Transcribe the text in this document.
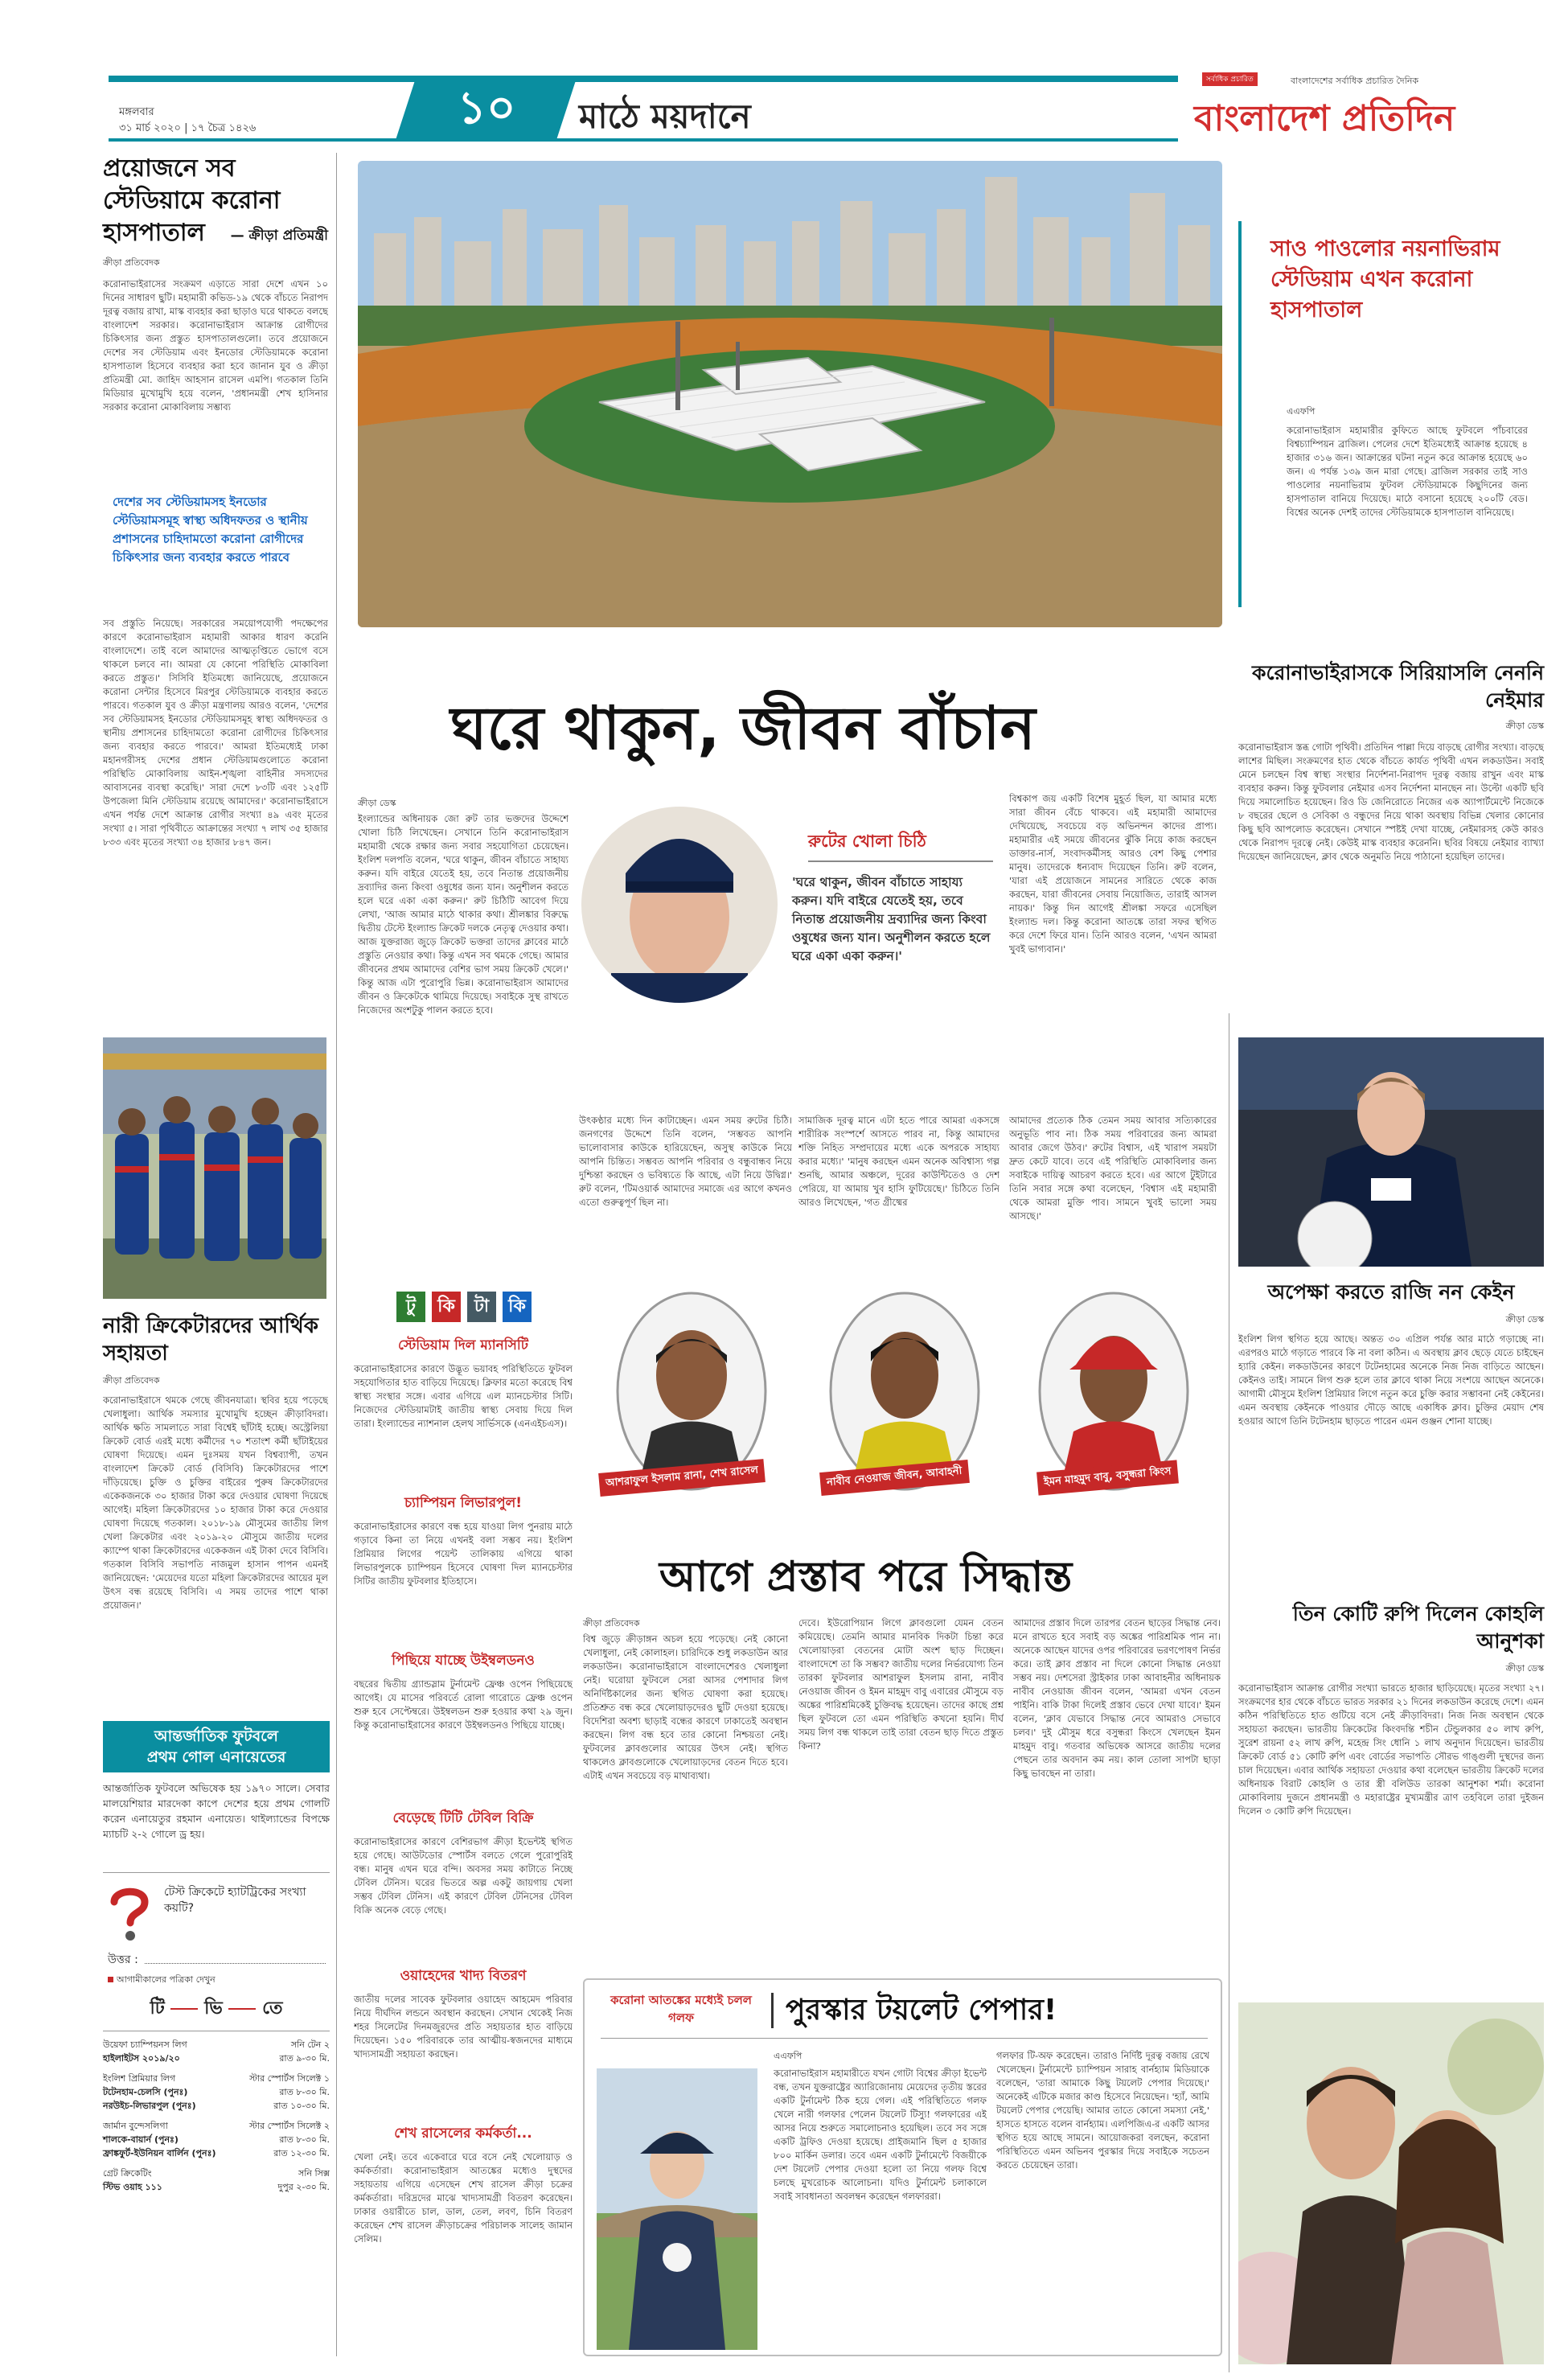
মঙ্গলবার
৩১ মার্চ ২০২০ | ১৭ চৈত্র ১৪২৬	১০	মাঠে ময়দানে
বাংলাদেশের সর্বাধিক প্রচারিত দৈনিক
সর্বাধিক প্রচারিত
বাংলাদেশ প্রতিদিন
প্রয়োজনে সব স্টেডিয়ামে করোনা হাসপাতাল	— ক্রীড়া প্রতিমন্ত্রী
ক্রীড়া প্রতিবেদক
করোনাভাইরাসের সংক্রমণ এড়াতে সারা দেশে এখন ১০ দিনের সাধারণ ছুটি। মহামারী কভিড-১৯ থেকে বাঁচতে নিরাপদ দূরত্ব বজায় রাখা, মাস্ক ব্যবহার করা ছাড়াও ঘরে থাকতে বলছে বাংলাদেশ সরকার। করোনাভাইরাস আক্রান্ত রোগীদের চিকিৎসার জন্য প্রস্তুত হাসপাতালগুলো। তবে প্রয়োজনে দেশের সব স্টেডিয়াম এবং ইনডোর স্টেডিয়ামকে করোনা হাসপাতাল হিসেবে ব্যবহার করা হবে জানান যুব ও ক্রীড়া প্রতিমন্ত্রী মো. জাহিদ আহসান রাসেল এমপি। গতকাল তিনি মিডিয়ার মুখোমুখি হয়ে বলেন, 'প্রধানমন্ত্রী শেখ হাসিনার সরকার করোনা মোকাবিলায় সম্ভাব্য
দেশের সব স্টেডিয়ামসহ ইনডোর স্টেডিয়ামসমূহ স্বাস্থ্য অধিদফতর ও স্থানীয় প্রশাসনের চাহিদামতো করোনা রোগীদের চিকিৎসার জন্য ব্যবহার করতে পারবে
সব প্রস্তুতি নিয়েছে। সরকারের সময়োপযোগী পদক্ষেপের কারণে করোনাভাইরাস মহামারী আকার ধারণ করেনি বাংলাদেশে। তাই বলে আমাদের আত্মতৃপ্তিতে ভোগে বসে থাকলে চলবে না। আমরা যে কোনো পরিস্থিতি মোকাবিলা করতে প্রস্তুত।' সিসিবি ইতিমধ্যে জানিয়েছে, প্রয়োজনে করোনা সেন্টার হিসেবে মিরপুর স্টেডিয়ামকে ব্যবহার করতে পারবে। গতকাল যুব ও ক্রীড়া মন্ত্রণালয় আরও বলেন, 'দেশের সব স্টেডিয়ামসহ ইনডোর স্টেডিয়ামসমূহ স্বাস্থ্য অধিদফতর ও স্থানীয় প্রশাসনের চাহিদামতো করোনা রোগীদের চিকিৎসার জন্য ব্যবহার করতে পারবে।' আমরা ইতিমধ্যেই ঢাকা মহানগরীসহ দেশের প্রধান স্টেডিয়ামগুলোতে করোনা পরিস্থিতি মোকাবিলায় আইন-শৃঙ্খলা বাহিনীর সদস্যদের আবাসনের ব্যবস্থা করেছি।' সারা দেশে ৮৩টি এবং ১২৫টি উপজেলা মিনি স্টেডিয়াম রয়েছে আমাদের।' করোনাভাইরাসে এখন পর্যন্ত দেশে আক্রান্ত রোগীর সংখ্যা ৪৯ এবং মৃতের সংখ্যা ৫। সারা পৃথিবীতে আক্রান্তের সংখ্যা ৭ লাখ ৩৫ হাজার ৮৩৩ এবং মৃতের সংখ্যা ৩৪ হাজার ৮৪৭ জন।
নারী ক্রিকেটারদের আর্থিক সহায়তা
ক্রীড়া প্রতিবেদক
করোনাভাইরাসে থমকে গেছে জীবনযাত্রা। স্থবির হয়ে পড়েছে খেলাধুলা। আর্থিক সমস্যার মুখোমুখি হচ্ছেন ক্রীড়াবিদরা। আর্থিক ক্ষতি সামলাতে সারা বিশ্বেই ছাঁটাই হচ্ছে। অস্ট্রেলিয়া ক্রিকেট বোর্ড এরই মধ্যে কর্মীদের ৭০ শতাংশ কর্মী ছাঁটাইয়ের ঘোষণা দিয়েছে। এমন দুঃসময় যখন বিশ্বব্যাপী, তখন বাংলাদেশ ক্রিকেট বোর্ড (বিসিবি) ক্রিকেটারদের পাশে দাঁড়িয়েছে। চুক্তি ও চুক্তির বাইরের পুরুষ ক্রিকেটারদের একেকজনকে ৩০ হাজার টাকা করে দেওয়ার ঘোষণা দিয়েছে আগেই। মহিলা ক্রিকেটারদের ১০ হাজার টাকা করে দেওয়ার ঘোষণা দিয়েছে গতকাল। ২০১৮-১৯ মৌসুমের জাতীয় লিগ খেলা ক্রিকেটার এবং ২০১৯-২০ মৌসুমে জাতীয় দলের ক্যাম্পে থাকা ক্রিকেটারদের একেকজন এই টাকা দেবে বিসিবি। গতকাল বিসিবি সভাপতি নাজমুল হাসান পাপন এমনই জানিয়েছেন: 'মেয়েদের যতো মহিলা ক্রিকেটারদের আয়ের মূল উৎস বন্ধ রয়েছে বিসিবি। এ সময় তাদের পাশে থাকা প্রয়োজন।'
আন্তর্জাতিক ফুটবলে
প্রথম গোল এনায়েতের
আন্তর্জাতিক ফুটবলে অভিষেক হয় ১৯৭০ সালে। সেবার মালয়েশিয়ার মারদেকা কাপে দেশের হয়ে প্রথম গোলটি করেন এনায়েতুর রহমান এনায়েত। থাইল্যান্ডের বিপক্ষে ম্যাচটি ২-২ গোলে ড্র হয়।
টেস্ট ক্রিকেটে হ্যাটট্রিকের সংখ্যা কয়টি?
উত্তর :
আগামীকালের পত্রিকা দেখুন
টি ভি তে
উয়েফা চ্যাম্পিয়নস লিগ	সনি টেন ২
হাইলাইটস ২০১৯/২০	রাত ৯-৩০ মি.
ইংলিশ প্রিমিয়ার লিগ	স্টার স্পোর্টস সিলেক্ট ১
টটেনহাম-চেলসি (পুনঃ)	রাত ৮-৩০ মি.
নরউইচ-লিভারপুল (পুনঃ)	রাত ১০-৩০ মি.
জার্মান বুন্দেসলিগা	স্টার স্পোর্টস সিলেক্ট ২
শালকে-বায়ার্ন (পুনঃ)	রাত ৮-৩০ মি.
ফ্রাঙ্কফুর্ট-ইউনিয়ন বার্লিন (পুনঃ)	রাত ১২-৩০ মি.
গ্রেট ক্রিকেটিং	সনি সিক্স
স্টিভ ওয়াহ ১১১	দুপুর ২-৩০ মি.
সাও পাওলোর নয়নাভিরাম স্টেডিয়াম এখন করোনা হাসপাতাল
এএফপি
করোনাভাইরাস মহামারীর কুফিতে আছে ফুটবলে পাঁচবারের বিশ্বচ্যাম্পিয়ন ব্রাজিল। পেলের দেশে ইতিমধ্যেই আক্রান্ত হয়েছে ৪ হাজার ৩১৬ জন। আক্রান্তের ঘটনা নতুন করে আক্রান্ত হয়েছে ৬০ জন। এ পর্যন্ত ১৩৯ জন মারা গেছে। ব্রাজিল সরকার তাই সাও পাওলোর নয়নাভিরাম ফুটবল স্টেডিয়ামকে কিছুদিনের জন্য হাসপাতাল বানিয়ে দিয়েছে। মাঠে বসানো হয়েছে ২০০টি বেড। বিশ্বের অনেক দেশই তাদের স্টেডিয়ামকে হাসপাতাল বানিয়েছে।
ঘরে থাকুন, জীবন বাঁচান
রুটের খোলা চিঠি
'ঘরে থাকুন, জীবন বাঁচাতে সাহায্য করুন। যদি বাইরে যেতেই হয়, তবে নিতান্ত প্রয়োজনীয় দ্রব্যাদির জন্য কিংবা ওষুধের জন্য যান। অনুশীলন করতে হলে ঘরে একা একা করুন।'
ক্রীড়া ডেস্ক
ইংল্যান্ডের অধিনায়ক জো রুট তার ভক্তদের উদ্দেশে খোলা চিঠি লিখেছেন। সেখানে তিনি করোনাভাইরাস মহামারী থেকে রক্ষার জন্য সবার সহযোগিতা চেয়েছেন। ইংলিশ দলপতি বলেন, 'ঘরে থাকুন, জীবন বাঁচাতে সাহায্য করুন। যদি বাইরে যেতেই হয়, তবে নিতান্ত প্রয়োজনীয় দ্রব্যাদির জন্য কিংবা ওষুধের জন্য যান। অনুশীলন করতে হলে ঘরে একা একা করুন।' রুট চিঠিটি আবেগ দিয়ে লেখা, 'আজ আমার মাঠে থাকার কথা। শ্রীলঙ্কার বিরুদ্ধে দ্বিতীয় টেস্টে ইংল্যান্ড ক্রিকেট দলকে নেতৃত্ব দেওয়ার কথা। আজ যুক্তরাজ্য জুড়ে ক্রিকেট ভক্তরা তাদের ক্লাবের মাঠে প্রস্তুতি নেওয়ার কথা। কিন্তু এখন সব থমকে গেছে। আমার জীবনের প্রথম আমাদের বেশির ভাগ সময় ক্রিকেট খেলে।' কিন্তু আজ এটা পুরোপুরি ভিন্ন। করোনাভাইরাস আমাদের জীবন ও ক্রিকেটকে থামিয়ে দিয়েছে। সবাইকে সুস্থ রাখতে নিজেদের অংশটুকু পালন করতে হবে।
উৎকণ্ঠার মধ্যে দিন কাটাচ্ছেন। এমন সময় রুটের চিঠি। জনগণের উদ্দেশে তিনি বলেন, 'সম্ভবত আপনি ভালোবাসার কাউকে হারিয়েছেন, অসুস্থ কাউকে নিয়ে আপনি চিন্তিত। সম্ভবত আপনি পরিবার ও বন্ধুবান্ধব নিয়ে দুশ্চিন্তা করছেন ও ভবিষ্যতে কি আছে, এটা নিয়ে উদ্বিগ্ন।' রুট বলেন, 'টিমওয়ার্ক আমাদের সমাজে এর আগে কখনও এতো গুরুত্বপূর্ণ ছিল না।
বিশ্বকাপ জয় একটি বিশেষ মুহূর্ত ছিল, যা আমার মধ্যে সারা জীবন বেঁচে থাকবে। এই মহামারী আমাদের দেখিয়েছে, সবচেয়ে বড় অভিনন্দন কাদের প্রাপ্য। মহামারীর এই সময়ে জীবনের ঝুঁকি নিয়ে কাজ করছেন ডাক্তার-নার্স, সংবাদকর্মীসহ আরও বেশ কিছু পেশার মানুষ। তাদেরকে ধন্যবাদ দিয়েছেন তিনি। রুট বলেন, 'যারা এই প্রয়োজনে সামনের সারিতে থেকে কাজ করছেন, যারা জীবনের সেবায় নিয়োজিত, তারাই আসল নায়ক।' কিন্তু দিন আগেই শ্রীলঙ্কা সফরে এসেছিল ইংল্যান্ড দল। কিন্তু করোনা আতঙ্কে তারা সফর স্থগিত করে দেশে ফিরে যান। তিনি আরও বলেন, 'এখন আমরা খুবই ভাগ্যবান।'
সামাজিক দূরত্ব মানে এটা হতে পারে আমরা একসঙ্গে শারীরিক সংস্পর্শে আসতে পারব না, কিন্তু আমাদের শক্তি নিহিত সম্প্রদায়ের মধ্যে একে অপরকে সাহায্য করার মধ্যে।' 'মানুষ করছেন এমন অনেক অবিশ্বাস্য গল্প শুনছি, আমার অঞ্চলে, দূরের কাউন্টিতেও ও দেশ পেরিয়ে, যা আমায় খুব হাসি ফুটিয়েছে।' চিঠিতে তিনি আরও লিখেছেন, 'গত গ্রীষ্মের
আমাদের প্রত্যেক ঠিক তেমন সময় আবার সত্যিকারের অনুভূতি পাব না। ঠিক সময় পরিবারের জন্য আমরা আবার জেগে উঠব।' রুটের বিশ্বাস, এই খারাপ সময়টা দ্রুত কেটে যাবে। তবে এই পরিস্থিতি মোকাবিলার জন্য সবাইকে দায়িত্ব আচরণ করতে হবে। এর আগে টুইটারে তিনি সবার সঙ্গে কথা বলেছেন, 'বিশ্বাস এই মহামারী থেকে আমরা মুক্তি পাব। সামনে খুবই ভালো সময় আসছে।'
করোনাভাইরাসকে সিরিয়াসলি নেননি নেইমার
ক্রীড়া ডেস্ক
করোনাভাইরাস স্তব্ধ গোটা পৃথিবী। প্রতিদিন পাল্লা দিয়ে বাড়ছে রোগীর সংখ্যা। বাড়ছে লাশের মিছিল। সংক্রমণের হাত থেকে বাঁচতে কার্যত পৃথিবী এখন লকডাউন। সবাই মেনে চলছেন বিশ্ব স্বাস্থ্য সংস্থার নির্দেশনা-নিরাপদ দূরত্ব বজায় রাখুন এবং মাস্ক ব্যবহার করুন। কিন্তু ফুটবলার নেইমার এসব নির্দেশনা মানছেন না। উল্টো একটি ছবি দিয়ে সমালোচিত হয়েছেন। রিও ডি জেনিরোতে নিজের এক অ্যাপার্টমেন্টে নিজেকে ৮ বছরের ছেলে ও সেবিকা ও বন্ধুদের নিয়ে থাকা অবস্থায় বিভিন্ন খেলার কোনোর কিছু ছবি আপলোড করেছেন। সেখানে স্পষ্টই দেখা যাচ্ছে, নেইমারসহ কেউ কারও থেকে নিরাপদ দূরত্বে নেই। কেউই মাস্ক ব্যবহার করেননি। ছবির বিষয়ে নেইমার ব্যাখ্যা দিয়েছেন জানিয়েছেন, ক্লাব থেকে অনুমতি নিয়ে পাঠানো হয়েছিল তাদের।
অপেক্ষা করতে রাজি নন কেইন
ক্রীড়া ডেস্ক
ইংলিশ লিগ স্থগিত হয়ে আছে। অন্তত ৩০ এপ্রিল পর্যন্ত আর মাঠে গড়াচ্ছে না। এরপরও মাঠে গড়াতে পারবে কি না বলা কঠিন। এ অবস্থায় ক্লাব ছেড়ে যেতে চাইছেন হ্যারি কেইন। লকডাউনের কারণে টটেনহামের অনেকে নিজ নিজ বাড়িতে আছেন। কেইনও তাই। সামনে লিগ শুরু হলে তার ক্লাবে থাকা নিয়ে সংশয়ে আছেন অনেকে। আগামী মৌসুমে ইংলিশ প্রিমিয়ার লিগে নতুন করে চুক্তি করার সম্ভাবনা নেই কেইনের। এমন অবস্থায় কেইনকে পাওয়ার দৌড়ে আছে একাধিক ক্লাব। চুক্তির মেয়াদ শেষ হওয়ার আগে তিনি টটেনহাম ছাড়তে পারেন এমন গুঞ্জন শোনা যাচ্ছে।
তিন কোটি রুপি দিলেন কোহলি আনুশকা
ক্রীড়া ডেস্ক
করোনাভাইরাস আক্রান্ত রোগীর সংখ্যা ভারতে হাজার ছাড়িয়েছে। মৃতের সংখ্যা ২৭। সংক্রমণের হার থেকে বাঁচতে ভারত সরকার ২১ দিনের লকডাউন করেছে দেশে। এমন কঠিন পরিস্থিতিতে হাত গুটিয়ে বসে নেই ক্রীড়াবিদরা। নিজ নিজ অবস্থান থেকে সহায়তা করছেন। ভারতীয় ক্রিকেটের কিংবদন্তি শচীন টেন্ডুলকার ৫০ লাখ রুপি, সুরেশ রায়না ৫২ লাখ রুপি, মহেন্দ্র সিং ধোনি ১ লাখ অনুদান দিয়েছেন। ভারতীয় ক্রিকেট বোর্ড ৫১ কোটি রুপি এবং বোর্ডের সভাপতি সৌরভ গাঙ্গুলী দুস্থদের জন্য চাল দিয়েছেন। এবার আর্থিক সহায়তা দেওয়ার কথা বলেছেন ভারতীয় ক্রিকেট দলের অধিনায়ক বিরাট কোহলি ও তার স্ত্রী বলিউড তারকা আনুশকা শর্মা। করোনা মোকাবিলায় দুজনে প্রধানমন্ত্রী ও মহারাষ্ট্রের মুখ্যমন্ত্রীর ত্রাণ তহবিলে তারা দুইজন দিলেন ৩ কোটি রুপি দিয়েছেন।
টু	কি	টা	কি
স্টেডিয়াম দিল ম্যানসিটি
করোনাভাইরাসের কারণে উদ্ভূত ভয়াবহ পরিস্থিতিতে ফুটবল সহযোগিতার হাত বাড়িয়ে দিয়েছে। ক্লিফার মতো করেছে বিশ্ব স্বাস্থ্য সংস্থার সঙ্গে। এবার এগিয়ে এল ম্যানচেস্টার সিটি। নিজেদের স্টেডিয়ামটাই জাতীয় স্বাস্থ্য সেবায় দিয়ে দিল তারা। ইংল্যান্ডের ন্যাশনাল হেলথ সার্ভিসকে (এনএইচএস)।
চ্যাম্পিয়ন লিভারপুল!
করোনাভাইরাসের কারণে বন্ধ হয়ে যাওয়া লিগ পুনরায় মাঠে গড়াবে কিনা তা নিয়ে এখনই বলা সম্ভব নয়। ইংলিশ প্রিমিয়ার লিগের পয়েন্ট তালিকায় এগিয়ে থাকা লিভারপুলকে চ্যাম্পিয়ন হিসেবে ঘোষণা দিল ম্যানচেস্টার সিটির জাতীয় ফুটবলার ইতিহাসে।
পিছিয়ে যাচ্ছে উইম্বলডনও
বছরের দ্বিতীয় গ্র্যান্ডস্লাম টুর্নামেন্ট ফ্রেঞ্চ ওপেন পিছিয়েছে আগেই। যে মাসের পরিবর্তে রোলা গারোতে ফ্রেঞ্চ ওপেন শুরু হবে সেপ্টেম্বরে। উইম্বলডন শুরু হওয়ার কথা ২৯ জুন। কিন্তু করোনাভাইরাসের কারণে উইম্বলডনও পিছিয়ে যাচ্ছে।
বেড়েছে টিটি টেবিল বিক্রি
করোনাভাইরাসের কারণে বেশিরভাগ ক্রীড়া ইভেন্টই স্থগিত হয়ে গেছে। আউটডোর স্পোর্টস বলতে গেলে পুরোপুরিই বন্ধ। মানুষ এখন ঘরে বন্দি। অবসর সময় কাটাতে নিচ্ছে টেবিল টেনিস। ঘরের ভিতরে অল্প একটু জায়গায় খেলা সম্ভব টেবিল টেনিস। এই কারণে টেবিল টেনিসের টেবিল বিক্রি অনেক বেড়ে গেছে।
ওয়াহেদের খাদ্য বিতরণ
জাতীয় দলের সাবেক ফুটবলার ওয়াহেদ আহমেদ পরিবার নিয়ে দীর্ঘদিন লন্ডনে অবস্থান করছেন। সেখান থেকেই নিজ শহর সিলেটের দিনমজুরদের প্রতি সহায়তার হাত বাড়িয়ে দিয়েছেন। ১৫০ পরিবারকে তার আত্মীয়-স্বজনদের মাধ্যমে খাদ্যসামগ্রী সহায়তা করছেন।
শেখ রাসেলের কর্মকর্তা...
খেলা নেই। তবে একেবারে ঘরে বসে নেই খেলোয়াড় ও কর্মকর্তারা। করোনাভাইরাস আতঙ্কের মধ্যেও দুস্থদের সহায়তায় এগিয়ে এসেছেন শেখ রাসেল ক্রীড়া চক্রের কর্মকর্তারা। দরিদ্রদের মাঝে খাদ্যসামগ্রী বিতরণ করেছেন। ঢাকার ওয়ারীতে চাল, ডাল, তেল, লবণ, চিনি বিতরণ করেছেন শেখ রাসেল ক্রীড়াচক্রের পরিচালক সালেহ জামান সেলিম।
আশরাফুল ইসলাম রানা, শেখ রাসেল	নাবীব নেওয়াজ জীবন, আবাহনী	ইমন মাহমুদ বাবু, বসুন্ধরা কিংস
আগে প্রস্তাব পরে সিদ্ধান্ত
ক্রীড়া প্রতিবেদক
বিশ্ব জুড়ে ক্রীড়াঙ্গন অচল হয়ে পড়েছে। নেই কোনো খেলাধুলা, নেই কোলাহল। চারিদিকে শুধু লকডাউন আর লকডাউন। করোনাভাইরাসে বাংলাদেশেরও খেলাধুলা নেই। ঘরোয়া ফুটবলে সেরা আসর পেশাদার লিগ অনির্দিষ্টকালের জন্য স্থগিত ঘোষণা করা হয়েছে। প্রতিশ্রুত বন্ধ করে খেলোয়াড়দেরও ছুটি দেওয়া হয়েছে। বিদেশিরা অবশ্য ছাড়াই বন্ধের কারণে ঢাকাতেই অবস্থান করছেন। লিগ বন্ধ হবে তার কোনো নিশ্চয়তা নেই। ফুটবলের ক্লাবগুলোর আয়ের উৎস নেই। স্থগিত থাকলেও ক্লাবগুলোকে খেলোয়াড়দের বেতন দিতে হবে। এটাই এখন সবচেয়ে বড় মাথাব্যথা।
দেবে। ইউরোপিয়ান লিগে ক্লাবগুলো যেমন বেতন কমিয়েছে। তেমনি আমার মানবিক দিকটা চিন্তা করে খেলোয়াড়রা বেতনের মোটা অংশ ছাড় দিচ্ছেন। বাংলাদেশে তা কি সম্ভব? জাতীয় দলের নির্ভরযোগ্য তিন তারকা ফুটবলার আশরাফুল ইসলাম রানা, নাবীব নেওয়াজ জীবন ও ইমন মাহমুদ বাবু এবারের মৌসুমে বড় অঙ্কের পারিশ্রমিকেই চুক্তিবদ্ধ হয়েছেন। তাদের কাছে প্রশ্ন ছিল ফুটবলে তো এমন পরিস্থিতি কখনো হয়নি। দীর্ঘ সময় লিগ বন্ধ থাকলে তাই তারা বেতন ছাড় দিতে প্রস্তুত কিনা?
আমাদের প্রস্তাব দিলে তারপর বেতন ছাড়ের সিদ্ধান্ত নেব। মনে রাখতে হবে সবাই বড় অঙ্কের পারিশ্রমিক পান না। অনেকে আছেন যাদের ওপর পরিবারের ভরণপোষণ নির্ভর করে। তাই ক্লাব প্রস্তাব না দিলে কোনো সিদ্ধান্ত নেওয়া সম্ভব নয়। দেশসেরা স্ট্রাইকার ঢাকা আবাহনীর অধিনায়ক নাবীব নেওয়াজ জীবন বলেন, 'আমরা এখন বেতন পাইনি। বাকি টাকা দিলেই প্রস্তাব ভেবে দেখা যাবে।' ইমন বলেন, 'ক্লাব যেভাবে সিদ্ধান্ত নেবে আমরাও সেভাবে চলব।' দুই মৌসুম ধরে বসুন্ধরা কিংসে খেলছেন ইমন মাহমুদ বাবু। গতবার অভিষেক আসরে জাতীয় দলের পেছনে তার অবদান কম নয়। কাল তোলা সাপটা ছাড়া কিছু ভাবছেন না তারা।
করোনা আতঙ্কের মধ্যেই চলল গলফ	পুরস্কার টয়লেট পেপার!
এএফপি
করোনাভাইরাস মহামারীতে যখন গোটা বিশ্বের ক্রীড়া ইভেন্ট বন্ধ, তখন যুক্তরাষ্ট্রের অ্যারিজোনায় মেয়েদের তৃতীয় স্তরের একটি টুর্নামেন্ট ঠিক হয়ে গেল। এই পরিস্থিতিতে গলফ খেলে নারী গলফার পেলেন টয়লেট টিস্যু! গলফারের এই আসর নিয়ে শুরুতে সমালোচনাও হয়েছিল। তবে সব সঙ্গে একটি ট্রফিও দেওয়া হয়েছে। প্রাইজমানি ছিল ৫ হাজার ৮০০ মার্কিন ডলার। তবে এমন একটি টুর্নামেন্টে বিজয়ীকে দেশ টয়লেট পেপার দেওয়া হলো তা নিয়ে গলফ বিশ্বে চলছে মুখরোচক আলোচনা। যদিও টুর্নামেন্ট চলাকালে সবাই সাবধানতা অবলম্বন করেছেন গলফাররা।
গলফার টি-অফ করেছেন। তারাও নির্দিষ্ট দূরত্ব বজায় রেখে খেলেছেন। টুর্নামেন্টে চ্যাম্পিয়ন সারাহ বার্নহ্যাম মিডিয়াকে বলেছেন, 'তারা আমাকে কিছু টয়লেট পেপার দিয়েছে।' অনেকেই এটিকে মজার কাণ্ড হিসেবে নিয়েছেন। 'হ্যাঁ, আমি টয়লেট পেপার পেয়েছি। আমার তাতে কোনো সমস্যা নেই,' হাসতে হাসতে বলেন বার্নহ্যাম। এলপিজিএ-র একটি আসর স্থগিত হয়ে আছে সামনে। আয়োজকরা বলছেন, করোনা পরিস্থিতিতে এমন অভিনব পুরস্কার দিয়ে সবাইকে সচেতন করতে চেয়েছেন তারা।
